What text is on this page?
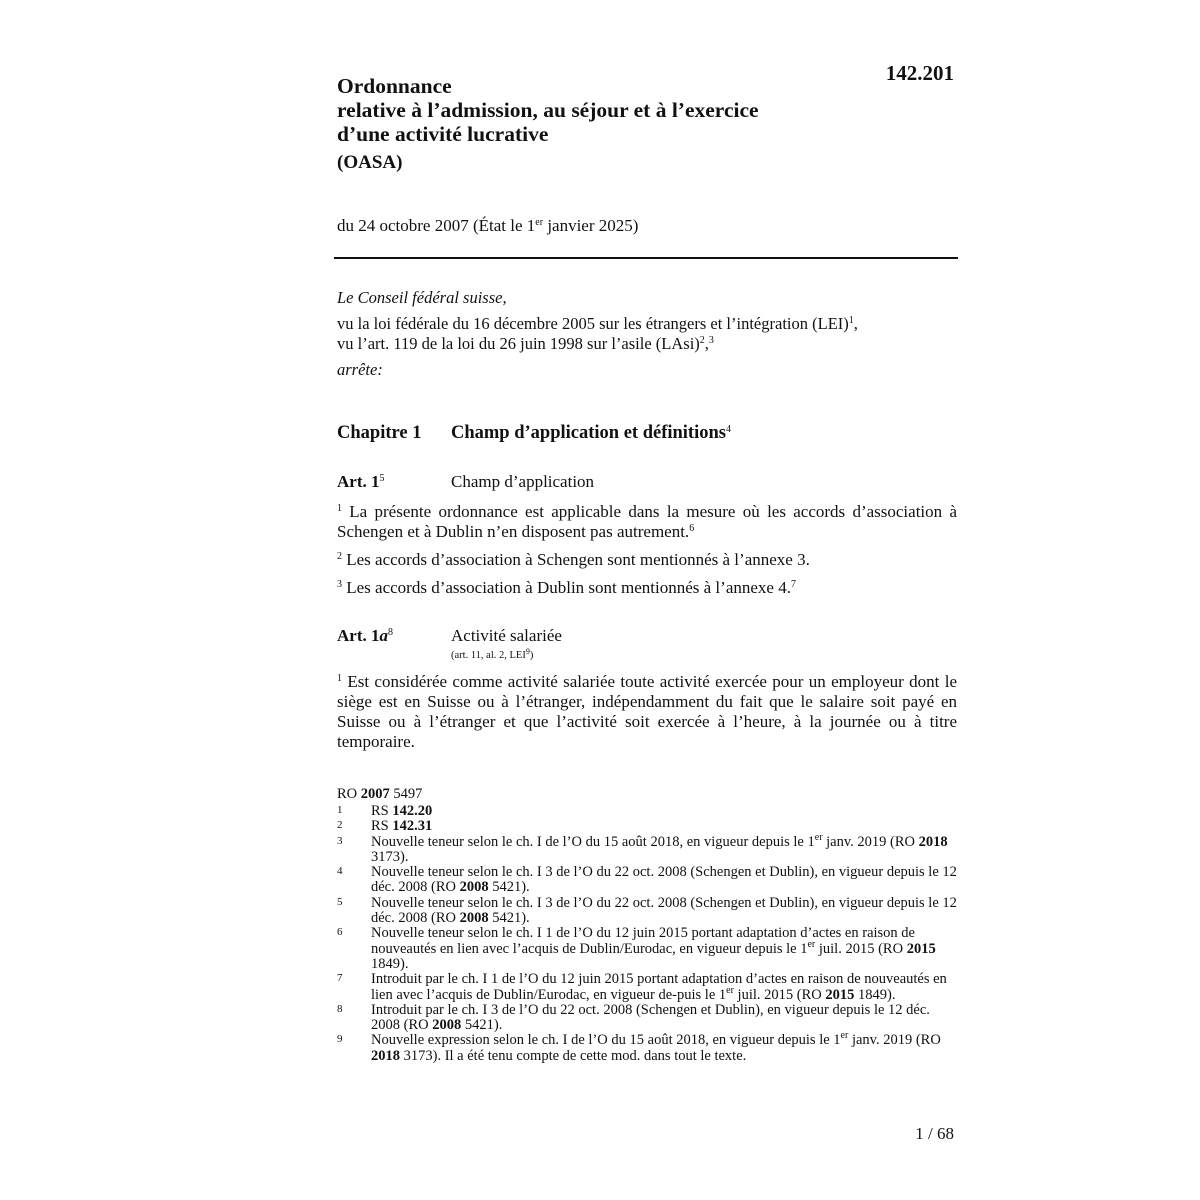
142.201
Ordonnance
relative à l’admission, au séjour et à l’exercice
d’une activité lucrative
(OASA)
du 24 octobre 2007 (État le 1er janvier 2025)
Le Conseil fédéral suisse,
vu la loi fédérale du 16 décembre 2005 sur les étrangers et l’intégration (LEI)$^1$,
vu l’art. 119 de la loi du 26 juin 1998 sur l’asile (LAsi)$^2$,$^3$
arrête:
Chapitre 1 Champ d’application et définitions$^4$
Art. $1^5$	Champ d’application
$^1$ La présente ordonnance est applicable dans la mesure où les accords d’association à Schengen et à Dublin n’en disposent pas autrement.$^6$
$^2$ Les accords d’association à Schengen sont mentionnés à l’annexe 3.
$^3$ Les accords d’association à Dublin sont mentionnés à l’annexe 4.$^7$
Art. $1a^8$	Activité salariée
(art. 11, al. 2, LEI$^9$)
$^1$ Est considérée comme activité salariée toute activité exercée pour un employeur dont le siège est en Suisse ou à l’étranger, indépendamment du fait que le salaire soit payé en Suisse ou à l’étranger et que l’activité soit exercée à l’heure, à la journée ou à titre temporaire.
RO 2007 5497
1	RS 142.20
2	RS 142.31
3	Nouvelle teneur selon le ch. I de l’O du 15 août 2018, en vigueur depuis le 1er janv. 2019 (RO 2018 3173).
4	Nouvelle teneur selon le ch. I 3 de l’O du 22 oct. 2008 (Schengen et Dublin), en vigueur depuis le 12 déc. 2008 (RO 2008 5421).
5	Nouvelle teneur selon le ch. I 3 de l’O du 22 oct. 2008 (Schengen et Dublin), en vigueur depuis le 12 déc. 2008 (RO 2008 5421).
6	Nouvelle teneur selon le ch. I 1 de l’O du 12 juin 2015 portant adaptation d’actes en raison de nouveautés en lien avec l’acquis de Dublin/Eurodac, en vigueur depuis le 1er juil. 2015 (RO 2015 1849).
7	Introduit par le ch. I 1 de l’O du 12 juin 2015 portant adaptation d’actes en raison de nouveautés en lien avec l’acquis de Dublin/Eurodac, en vigueur de-puis le 1er juil. 2015 (RO 2015 1849).
8	Introduit par le ch. I 3 de l’O du 22 oct. 2008 (Schengen et Dublin), en vigueur depuis le 12 déc. 2008 (RO 2008 5421).
9	Nouvelle expression selon le ch. I de l’O du 15 août 2018, en vigueur depuis le 1er janv. 2019 (RO 2018 3173). Il a été tenu compte de cette mod. dans tout le texte.
1 / 68
